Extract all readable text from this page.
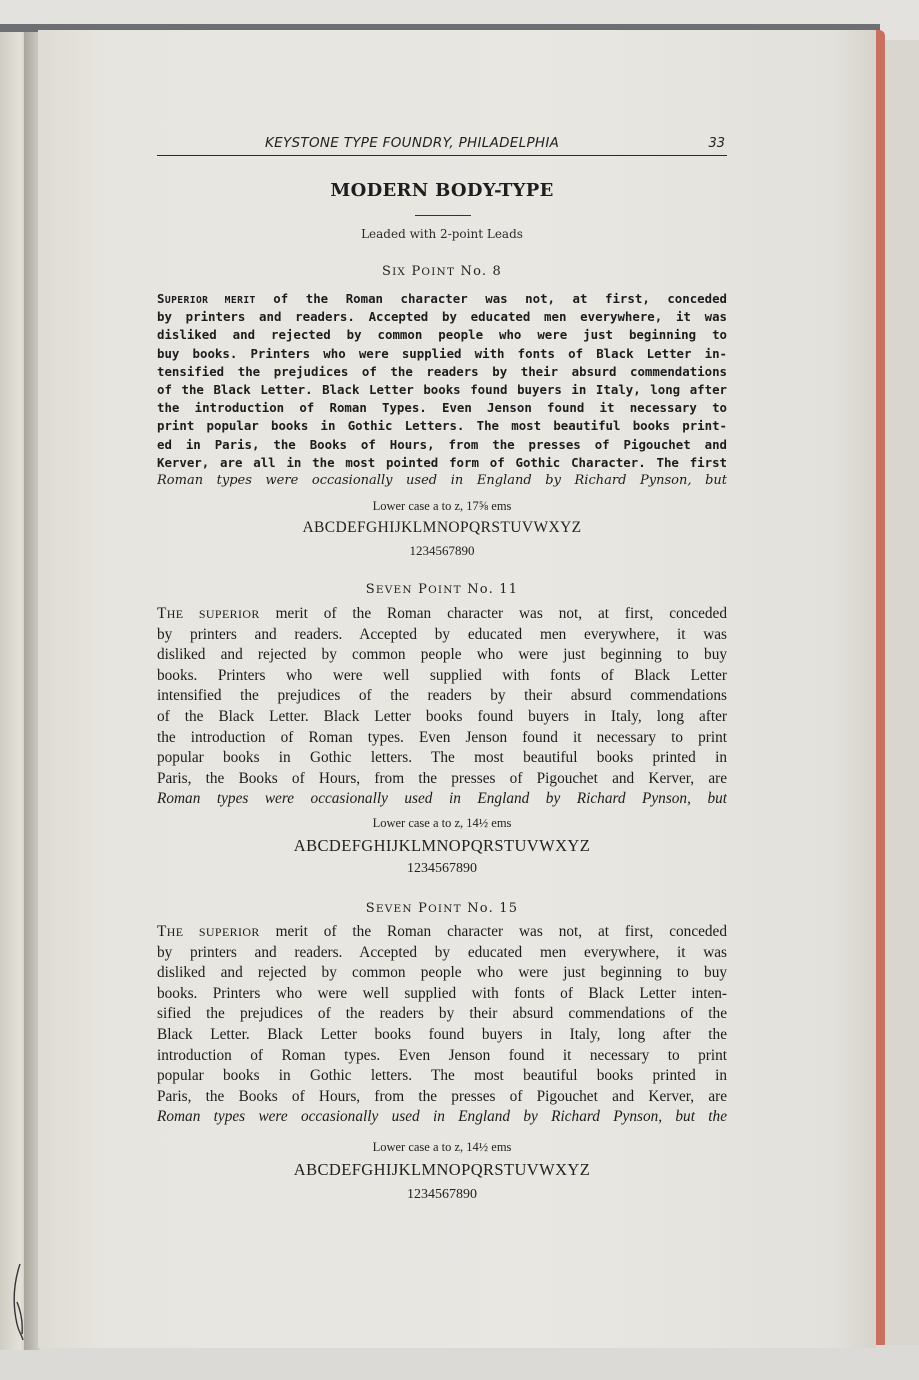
KEYSTONE TYPE FOUNDRY, PHILADELPHIA	33
MODERN BODY-TYPE
Leaded with 2-point Leads
SIX POINT No. 8
SUPERIOR MERIT of the Roman character was not, at first, conceded
by printers and readers. Accepted by educated men everywhere, it was
disliked and rejected by common people who were just beginning to
buy books. Printers who were supplied with fonts of Black Letter in-
tensified the prejudices of the readers by their absurd commendations
of the Black Letter. Black Letter books found buyers in Italy, long after
the introduction of Roman Types. Even Jenson found it necessary to
print popular books in Gothic Letters. The most beautiful books print-
ed in Paris, the Books of Hours, from the presses of Pigouchet and
Kerver, are all in the most pointed form of Gothic Character. The first
Roman types were occasionally used in England by Richard Pynson, but
Lower case a to z, 17⅝ ems
ABCDEFGHIJKLMNOPQRSTUVWXYZ
1234567890
SEVEN POINT No. 11
THE SUPERIOR merit of the Roman character was not, at first, conceded
by printers and readers. Accepted by educated men everywhere, it was
disliked and rejected by common people who were just beginning to buy
books. Printers who were well supplied with fonts of Black Letter
intensified the prejudices of the readers by their absurd commendations
of the Black Letter. Black Letter books found buyers in Italy, long after
the introduction of Roman types. Even Jenson found it necessary to print
popular books in Gothic letters. The most beautiful books printed in
Paris, the Books of Hours, from the presses of Pigouchet and Kerver, are
Roman types were occasionally used in England by Richard Pynson, but
Lower case a to z, 14½ ems
ABCDEFGHIJKLMNOPQRSTUVWXYZ
1234567890
SEVEN POINT No. 15
THE SUPERIOR merit of the Roman character was not, at first, conceded
by printers and readers. Accepted by educated men everywhere, it was
disliked and rejected by common people who were just beginning to buy
books. Printers who were well supplied with fonts of Black Letter inten-
sified the prejudices of the readers by their absurd commendations of the
Black Letter. Black Letter books found buyers in Italy, long after the
introduction of Roman types. Even Jenson found it necessary to print
popular books in Gothic letters. The most beautiful books printed in
Paris, the Books of Hours, from the presses of Pigouchet and Kerver, are
Roman types were occasionally used in England by Richard Pynson, but the
Lower case a to z, 14½ ems
ABCDEFGHIJKLMNOPQRSTUVWXYZ
1234567890
